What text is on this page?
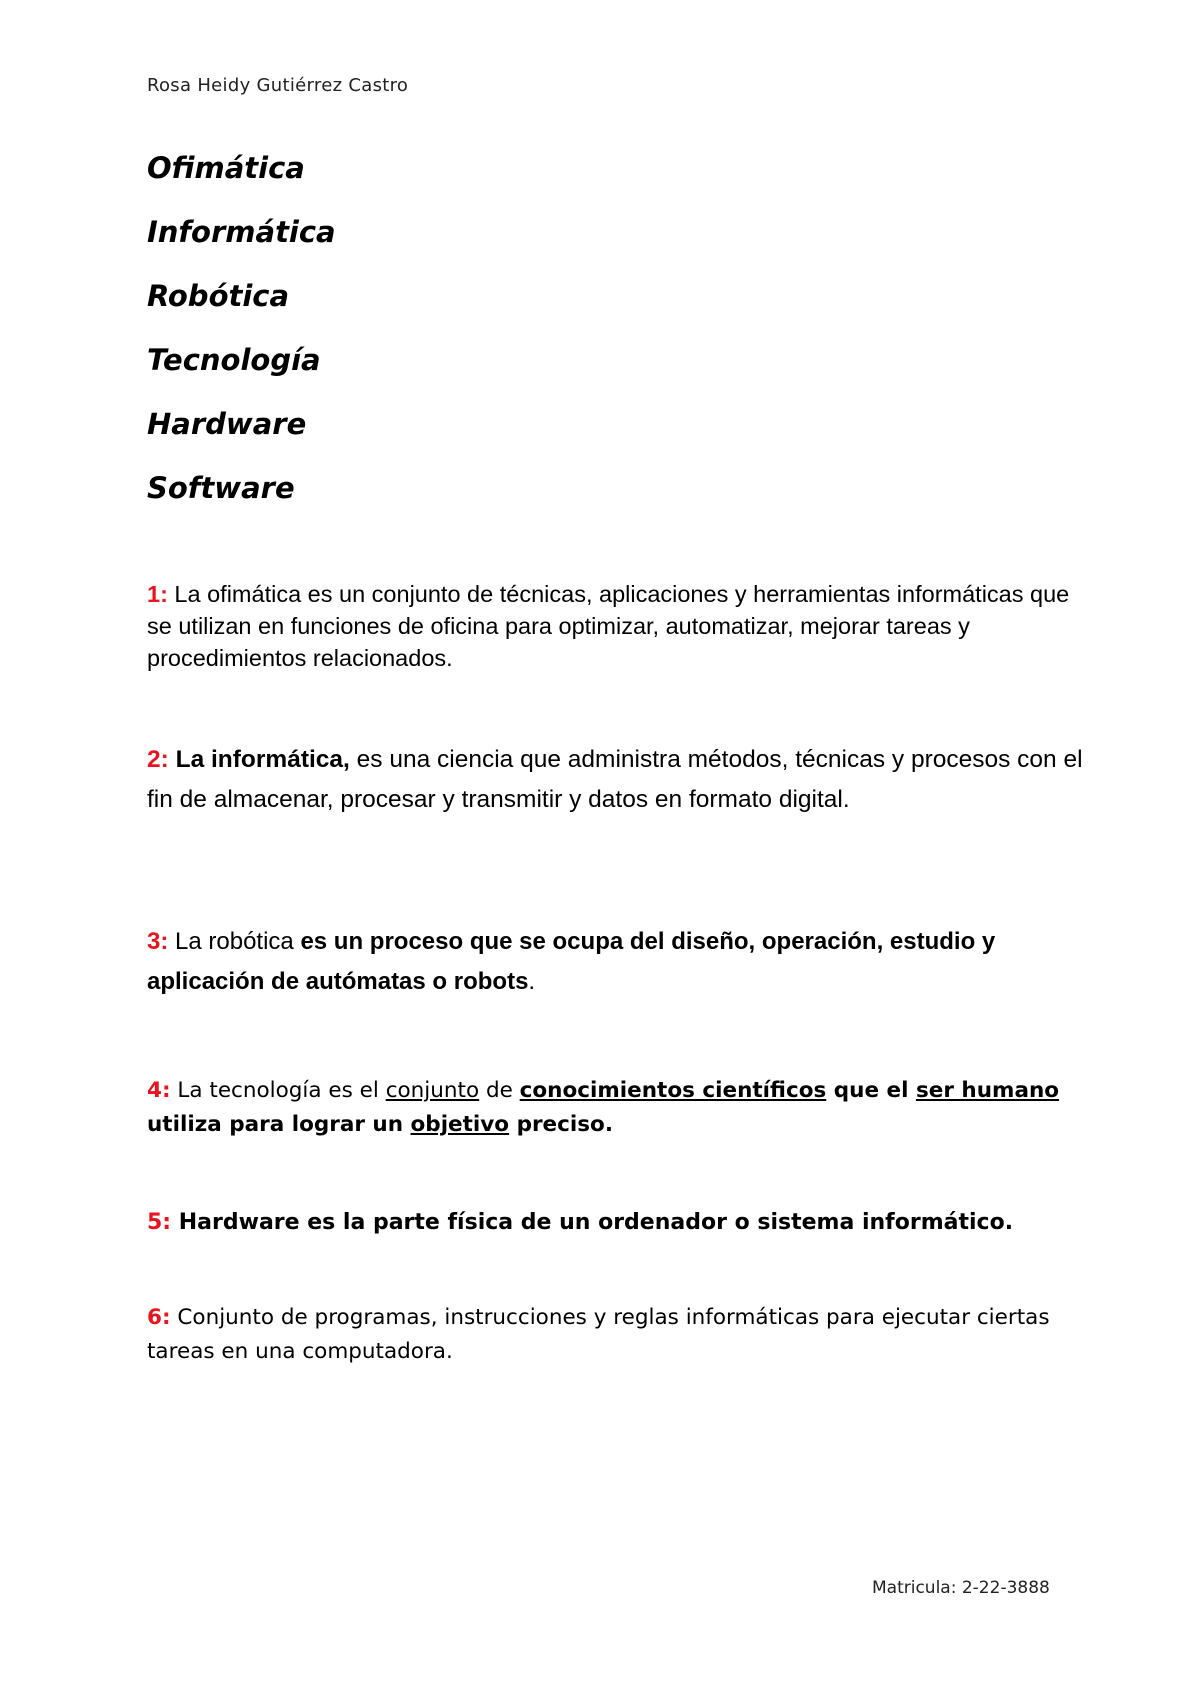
Rosa Heidy Gutiérrez Castro
Ofimática
Informática
Robótica
Tecnología
Hardware
Software

1: La ofimática es un conjunto de técnicas, aplicaciones y herramientas informáticas que se utilizan en funciones de oficina para optimizar, automatizar, mejorar tareas y procedimientos relacionados.

2: La informática, es una ciencia que administra métodos, técnicas y procesos con el fin de almacenar, procesar y transmitir y datos en formato digital.

3: La robótica es un proceso que se ocupa del diseño, operación, estudio y aplicación de autómatas o robots.

4: La tecnología es el conjunto de conocimientos científicos que el ser humano utiliza para lograr un objetivo preciso.

5: Hardware es la parte física de un ordenador o sistema informático.

6: Conjunto de programas, instrucciones y reglas informáticas para ejecutar ciertas tareas en una computadora.

Matricula: 2-22-3888
